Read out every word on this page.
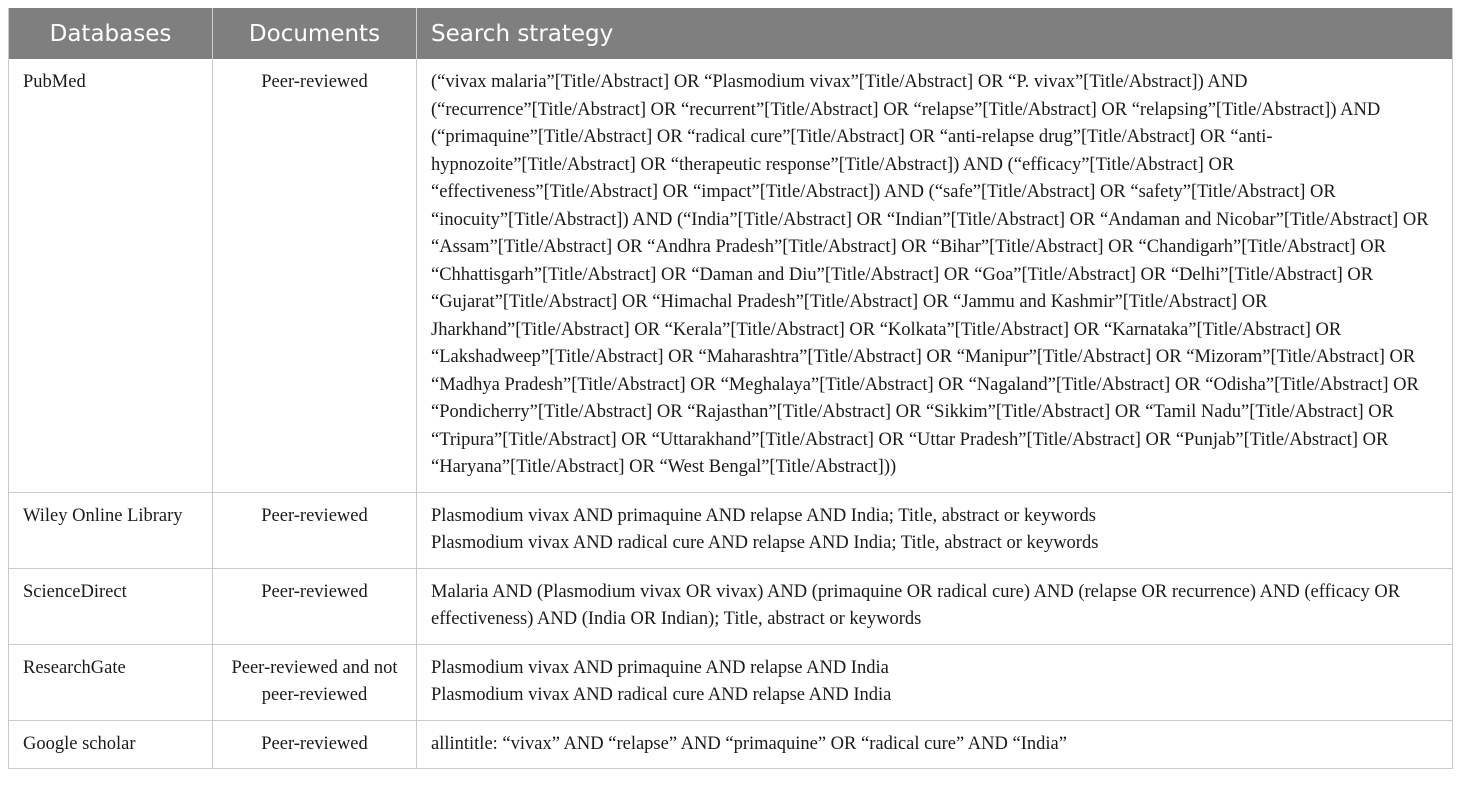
Databases	Documents	Search strategy
PubMed	Peer-reviewed	(“vivax malaria”[Title/Abstract] OR “Plasmodium vivax”[Title/Abstract] OR “P. vivax”[Title/Abstract]) AND (“recurrence”[Title/Abstract] OR “recurrent”[Title/Abstract] OR “relapse”[Title/Abstract] OR “relapsing”[Title/Abstract]) AND (“primaquine”[Title/Abstract] OR “radical cure”[Title/Abstract] OR “anti-relapse drug”[Title/Abstract] OR “anti-hypnozoite”[Title/Abstract] OR “therapeutic response”[Title/Abstract]) AND (“efficacy”[Title/Abstract] OR “effectiveness”[Title/Abstract] OR “impact”[Title/Abstract]) AND (“safe”[Title/Abstract] OR “safety”[Title/Abstract] OR “inocuity”[Title/Abstract]) AND (“India”[Title/Abstract] OR “Indian”[Title/Abstract] OR “Andaman and Nicobar”[Title/Abstract] OR “Assam”[Title/Abstract] OR “Andhra Pradesh”[Title/Abstract] OR “Bihar”[Title/Abstract] OR “Chandigarh”[Title/Abstract] OR “Chhattisgarh”[Title/Abstract] OR “Daman and Diu”[Title/Abstract] OR “Goa”[Title/Abstract] OR “Delhi”[Title/Abstract] OR “Gujarat”[Title/Abstract] OR “Himachal Pradesh”[Title/Abstract] OR “Jammu and Kashmir”[Title/Abstract] OR Jharkhand”[Title/Abstract] OR “Kerala”[Title/Abstract] OR “Kolkata”[Title/Abstract] OR “Karnataka”[Title/Abstract] OR “Lakshadweep”[Title/Abstract] OR “Maharashtra”[Title/Abstract] OR “Manipur”[Title/Abstract] OR “Mizoram”[Title/Abstract] OR “Madhya Pradesh”[Title/Abstract] OR “Meghalaya”[Title/Abstract] OR “Nagaland”[Title/Abstract] OR “Odisha”[Title/Abstract] OR “Pondicherry”[Title/Abstract] OR “Rajasthan”[Title/Abstract] OR “Sikkim”[Title/Abstract] OR “Tamil Nadu”[Title/Abstract] OR “Tripura”[Title/Abstract] OR “Uttarakhand”[Title/Abstract] OR “Uttar Pradesh”[Title/Abstract] OR “Punjab”[Title/Abstract] OR “Haryana”[Title/Abstract] OR “West Bengal”[Title/Abstract]))

Wiley Online Library	Peer-reviewed	Plasmodium vivax AND primaquine AND relapse AND India; Title, abstract or keywords
Plasmodium vivax AND radical cure AND relapse AND India; Title, abstract or keywords

ScienceDirect	Peer-reviewed	Malaria AND (Plasmodium vivax OR vivax) AND (primaquine OR radical cure) AND (relapse OR recurrence) AND (efficacy OR effectiveness) AND (India OR Indian); Title, abstract or keywords

ResearchGate	Peer-reviewed and not peer-reviewed	Plasmodium vivax AND primaquine AND relapse AND India
Plasmodium vivax AND radical cure AND relapse AND India

Google scholar	Peer-reviewed	allintitle: “vivax” AND “relapse” AND “primaquine” OR “radical cure” AND “India”
